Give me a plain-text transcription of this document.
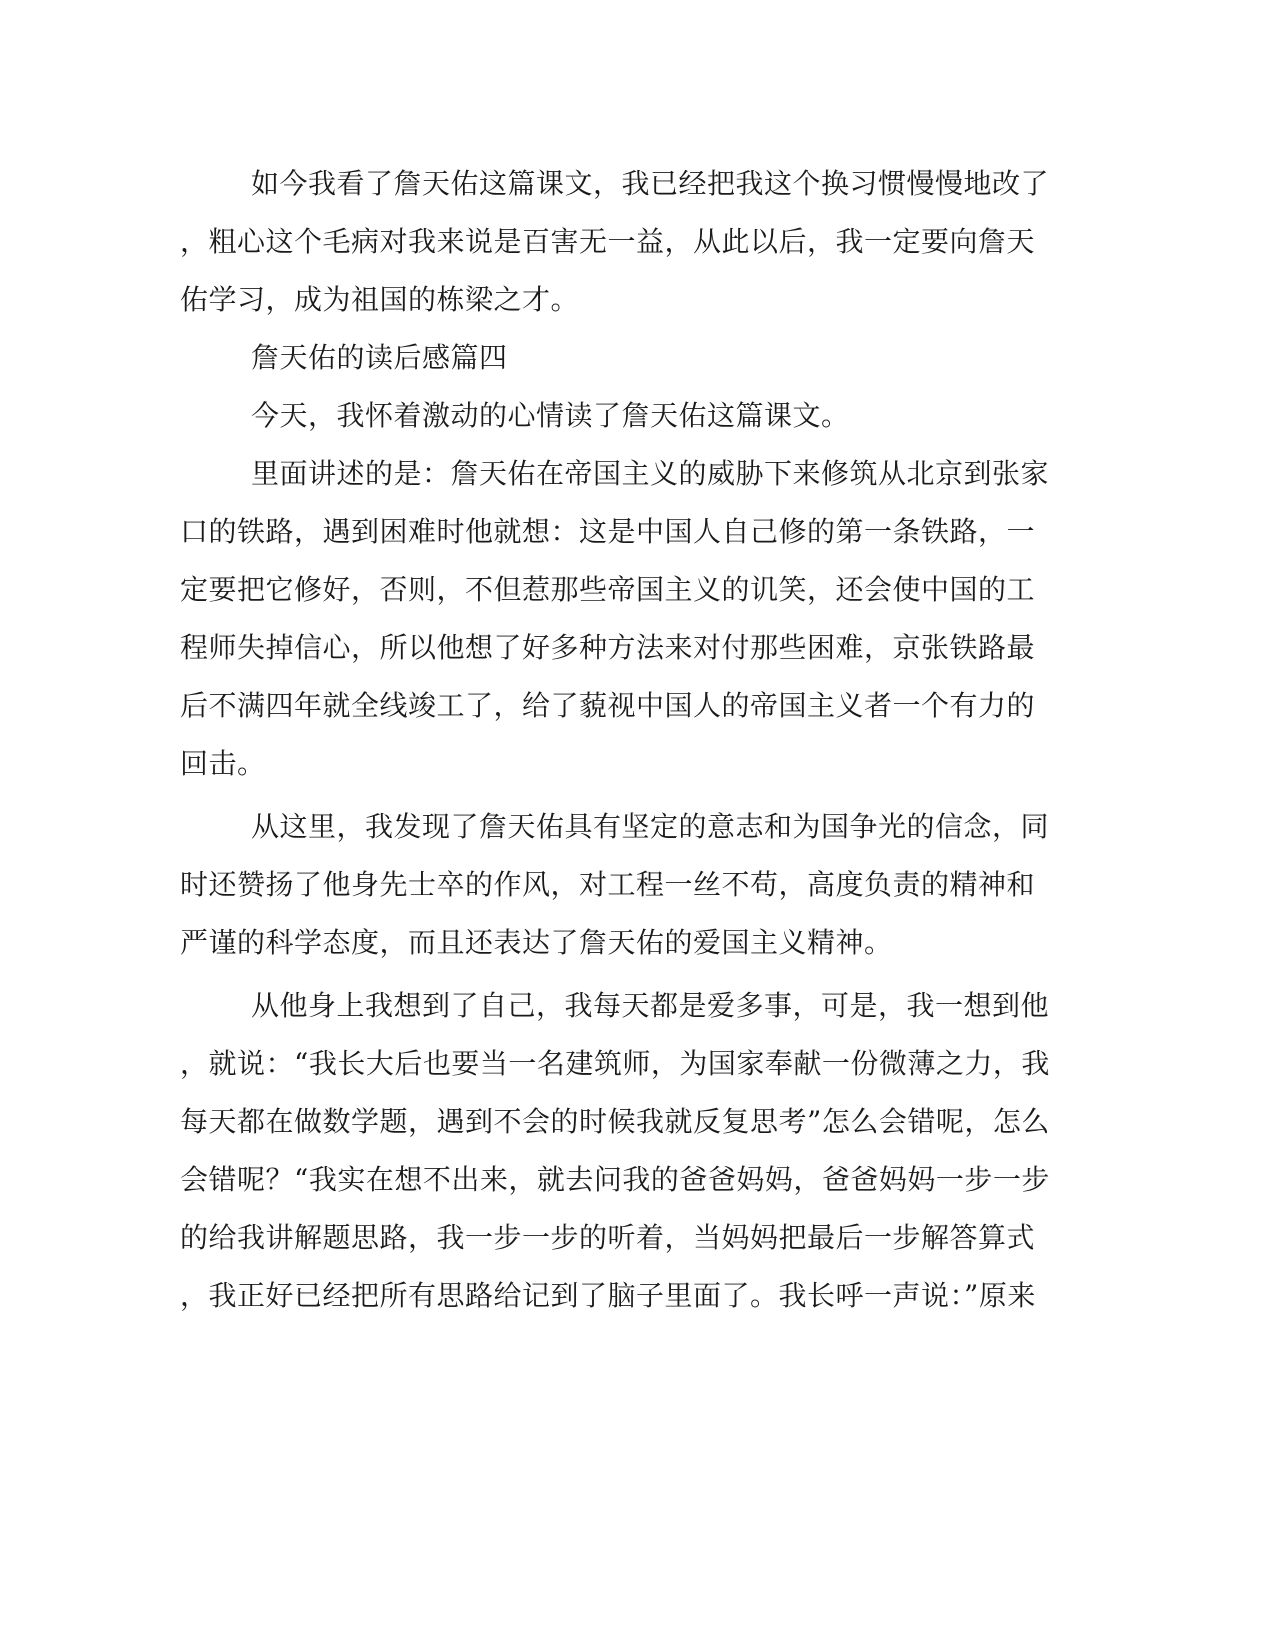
如今我看了詹天佑这篇课文，我已经把我这个换习惯慢慢地改了
，粗心这个毛病对我来说是百害无一益，从此以后，我一定要向詹天
佑学习，成为祖国的栋梁之才。
詹天佑的读后感篇四
今天，我怀着激动的心情读了詹天佑这篇课文。
里面讲述的是：詹天佑在帝国主义的威胁下来修筑从北京到张家
口的铁路，遇到困难时他就想：这是中国人自己修的第一条铁路，一
定要把它修好，否则，不但惹那些帝国主义的讥笑，还会使中国的工
程师失掉信心，所以他想了好多种方法来对付那些困难，京张铁路最
后不满四年就全线竣工了，给了藐视中国人的帝国主义者一个有力的
回击。
从这里，我发现了詹天佑具有坚定的意志和为国争光的信念，同
时还赞扬了他身先士卒的作风，对工程一丝不苟，高度负责的精神和
严谨的科学态度，而且还表达了詹天佑的爱国主义精神。
从他身上我想到了自己，我每天都是爱多事，可是，我一想到他
，就说：“我长大后也要当一名建筑师，为国家奉献一份微薄之力，我
每天都在做数学题，遇到不会的时候我就反复思考”怎么会错呢，怎么
会错呢？“我实在想不出来，就去问我的爸爸妈妈，爸爸妈妈一步一步
的给我讲解题思路，我一步一步的听着，当妈妈把最后一步解答算式
，我正好已经把所有思路给记到了脑子里面了。我长呼一声说：”原来
